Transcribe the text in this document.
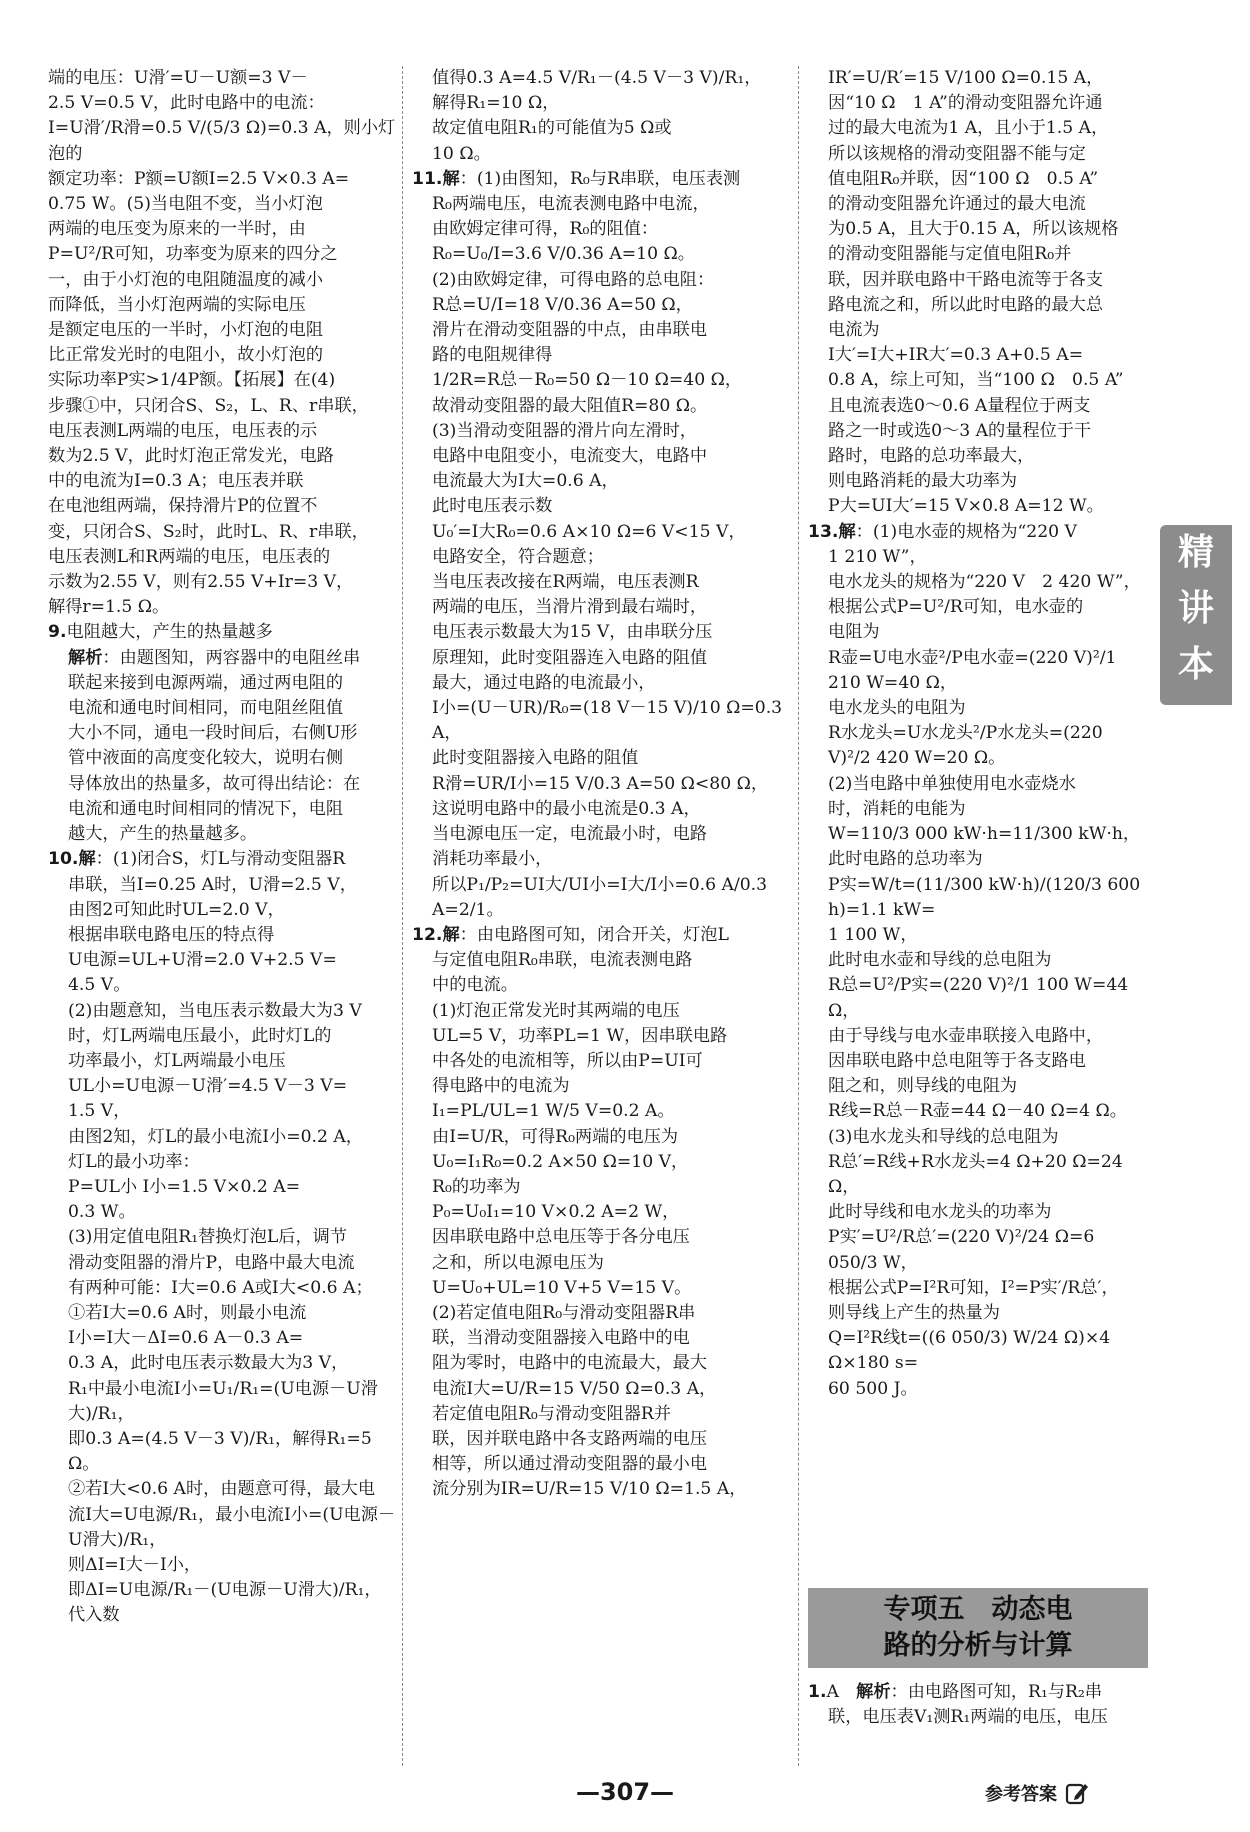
端的电压：U滑′=U－U额=3 V－

2.5 V=0.5 V，此时电路中的电流：

I=U滑′/R滑=0.5 V/(5/3 Ω)=0.3 A，则小灯泡的

额定功率：P额=U额I=2.5 V×0.3 A=

0.75 W。(5)当电阻不变，当小灯泡

两端的电压变为原来的一半时，由

P=U²/R可知，功率变为原来的四分之

一，由于小灯泡的电阻随温度的减小

而降低，当小灯泡两端的实际电压

是额定电压的一半时，小灯泡的电阻

比正常发光时的电阻小，故小灯泡的

实际功率P实>1/4P额。【拓展】在(4)

步骤①中，只闭合S、S₂，L、R、r串联，

电压表测L两端的电压，电压表的示

数为2.5 V，此时灯泡正常发光，电路

中的电流为I=0.3 A；电压表并联

在电池组两端，保持滑片P的位置不

变，只闭合S、S₂时，此时L、R、r串联，

电压表测L和R两端的电压，电压表的

示数为2.55 V，则有2.55 V+Ir=3 V，

解得r=1.5 Ω。

9.电阻越大，产生的热量越多

解析：由题图知，两容器中的电阻丝串

联起来接到电源两端，通过两电阻的

电流和通电时间相同，而电阻丝阻值

大小不同，通电一段时间后，右侧U形

管中液面的高度变化较大，说明右侧

导体放出的热量多，故可得出结论：在

电流和通电时间相同的情况下，电阻

越大，产生的热量越多。

10.解：(1)闭合S，灯L与滑动变阻器R

串联，当I=0.25 A时，U滑=2.5 V，

由图2可知此时UL=2.0 V，

根据串联电路电压的特点得

U电源=UL+U滑=2.0 V+2.5 V=

4.5 V。

(2)由题意知，当电压表示数最大为3 V

时，灯L两端电压最小，此时灯L的

功率最小，灯L两端最小电压

UL小=U电源－U滑′=4.5 V－3 V=

1.5 V，

由图2知，灯L的最小电流I小=0.2 A，

灯L的最小功率：

P=UL小 I小=1.5 V×0.2 A=

0.3 W。

(3)用定值电阻R₁替换灯泡L后，调节

滑动变阻器的滑片P，电路中最大电流

有两种可能：I大=0.6 A或I大<0.6 A；

①若I大=0.6 A时，则最小电流

I小=I大－ΔI=0.6 A－0.3 A=

0.3 A，此时电压表示数最大为3 V，

R₁中最小电流I小=U₁/R₁=(U电源－U滑大)/R₁，

即0.3 A=(4.5 V－3 V)/R₁，解得R₁=5 Ω。

②若I大<0.6 A时，由题意可得，最大电

流I大=U电源/R₁，最小电流I小=(U电源－U滑大)/R₁，

则ΔI=I大－I小，

即ΔI=U电源/R₁－(U电源－U滑大)/R₁，代入数

值得0.3 A=4.5 V/R₁－(4.5 V－3 V)/R₁，

解得R₁=10 Ω，

故定值电阻R₁的可能值为5 Ω或

10 Ω。

11.解：(1)由图知，R₀与R串联，电压表测

R₀两端电压，电流表测电路中电流，

由欧姆定律可得，R₀的阻值：

R₀=U₀/I=3.6 V/0.36 A=10 Ω。

(2)由欧姆定律，可得电路的总电阻：

R总=U/I=18 V/0.36 A=50 Ω，

滑片在滑动变阻器的中点，由串联电

路的电阻规律得

1/2R=R总－R₀=50 Ω－10 Ω=40 Ω，

故滑动变阻器的最大阻值R=80 Ω。

(3)当滑动变阻器的滑片向左滑时，

电路中电阻变小，电流变大，电路中

电流最大为I大=0.6 A，

此时电压表示数

U₀′=I大R₀=0.6 A×10 Ω=6 V<15 V，

电路安全，符合题意；

当电压表改接在R两端，电压表测R

两端的电压，当滑片滑到最右端时，

电压表示数最大为15 V，由串联分压

原理知，此时变阻器连入电路的阻值

最大，通过电路的电流最小，

I小=(U－UR)/R₀=(18 V－15 V)/10 Ω=0.3 A，

此时变阻器接入电路的阻值

R滑=UR/I小=15 V/0.3 A=50 Ω<80 Ω，

这说明电路中的最小电流是0.3 A，

当电源电压一定，电流最小时，电路

消耗功率最小，

所以P₁/P₂=UI大/UI小=I大/I小=0.6 A/0.3 A=2/1。

12.解：由电路图可知，闭合开关，灯泡L

与定值电阻R₀串联，电流表测电路

中的电流。

(1)灯泡正常发光时其两端的电压

UL=5 V，功率PL=1 W，因串联电路

中各处的电流相等，所以由P=UI可

得电路中的电流为

I₁=PL/UL=1 W/5 V=0.2 A。

由I=U/R，可得R₀两端的电压为

U₀=I₁R₀=0.2 A×50 Ω=10 V，

R₀的功率为

P₀=U₀I₁=10 V×0.2 A=2 W，

因串联电路中总电压等于各分电压

之和，所以电源电压为

U=U₀+UL=10 V+5 V=15 V。

(2)若定值电阻R₀与滑动变阻器R串

联，当滑动变阻器接入电路中的电

阻为零时，电路中的电流最大，最大

电流I大=U/R=15 V/50 Ω=0.3 A，

若定值电阻R₀与滑动变阻器R并

联，因并联电路中各支路两端的电压

相等，所以通过滑动变阻器的最小电

流分别为IR=U/R=15 V/10 Ω=1.5 A，

IR′=U/R′=15 V/100 Ω=0.15 A，

因“10 Ω　1 A”的滑动变阻器允许通

过的最大电流为1 A，且小于1.5 A，

所以该规格的滑动变阻器不能与定

值电阻R₀并联，因“100 Ω　0.5 A”

的滑动变阻器允许通过的最大电流

为0.5 A，且大于0.15 A，所以该规格

的滑动变阻器能与定值电阻R₀并

联，因并联电路中干路电流等于各支

路电流之和，所以此时电路的最大总

电流为

I大′=I大+IR大′=0.3 A+0.5 A=

0.8 A，综上可知，当“100 Ω　0.5 A”

且电流表选0～0.6 A量程位于两支

路之一时或选0～3 A的量程位于干

路时，电路的总功率最大，

则电路消耗的最大功率为

P大=UI大′=15 V×0.8 A=12 W。

13.解：(1)电水壶的规格为“220 V

1 210 W”，

电水龙头的规格为“220 V　2 420 W”，

根据公式P=U²/R可知，电水壶的

电阻为

R壶=U电水壶²/P电水壶=(220 V)²/1 210 W=40 Ω，

电水龙头的电阻为

R水龙头=U水龙头²/P水龙头=(220 V)²/2 420 W=20 Ω。

(2)当电路中单独使用电水壶烧水

时，消耗的电能为

W=110/3 000 kW·h=11/300 kW·h，

此时电路的总功率为

P实=W/t=(11/300 kW·h)/(120/3 600 h)=1.1 kW=

1 100 W，

此时电水壶和导线的总电阻为

R总=U²/P实=(220 V)²/1 100 W=44 Ω，

由于导线与电水壶串联接入电路中，

因串联电路中总电阻等于各支路电

阻之和，则导线的电阻为

R线=R总－R壶=44 Ω－40 Ω=4 Ω。

(3)电水龙头和导线的总电阻为

R总′=R线+R水龙头=4 Ω+20 Ω=24 Ω，

此时导线和电水龙头的功率为

P实′=U²/R总′=(220 V)²/24 Ω=6 050/3 W，

根据公式P=I²R可知，I²=P实′/R总′，

则导线上产生的热量为

Q=I²R线t=((6 050/3) W/24 Ω)×4 Ω×180 s=

60 500 J。

精
讲
本
专项五　动态电
路的分析与计算

1.A　 解析：由电路图可知，R₁与R₂串

联，电压表V₁测R₁两端的电压，电压

—307—	参考答案
